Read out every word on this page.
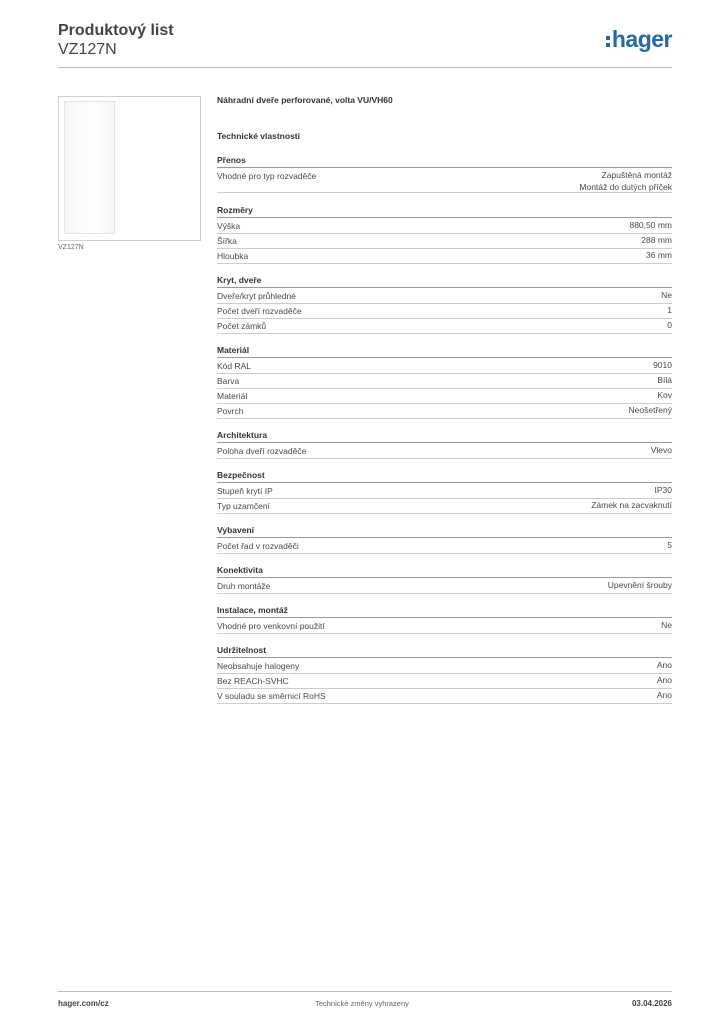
Produktový list
VZ127N	hager
VZ127N
Náhradní dveře perforované, volta VU/VH60
Technické vlastnosti
Přenos
Vhodné pro typ rozvaděče	Zapuštěná montáž
Montáž do dutých příček
Rozměry
Výška	880,50 mm
Šířka	288 mm
Hloubka	36 mm
Kryt, dveře
Dveře/kryt průhledné	Ne
Počet dveří rozvaděče	1
Počet zámků	0
Materiál
Kód RAL	9010
Barva	Bílá
Materiál	Kov
Povrch	Neošetřený
Architektura
Poloha dveří rozvaděče	Vlevo
Bezpečnost
Stupeň krytí IP	IP30
Typ uzamčení	Zámek na zacvaknutí
Vybavení
Počet řad v rozvaděči	5
Konektivita
Druh montáže	Upevnění šrouby
Instalace, montáž
Vhodné pro venkovní použití	Ne
Udržitelnost
Neobsahuje halogeny	Ano
Bez REACh-SVHC	Ano
V souladu se směrnicí RoHS	Ano
hager.com/cz	Technické změny vyhrazeny	03.04.2026
